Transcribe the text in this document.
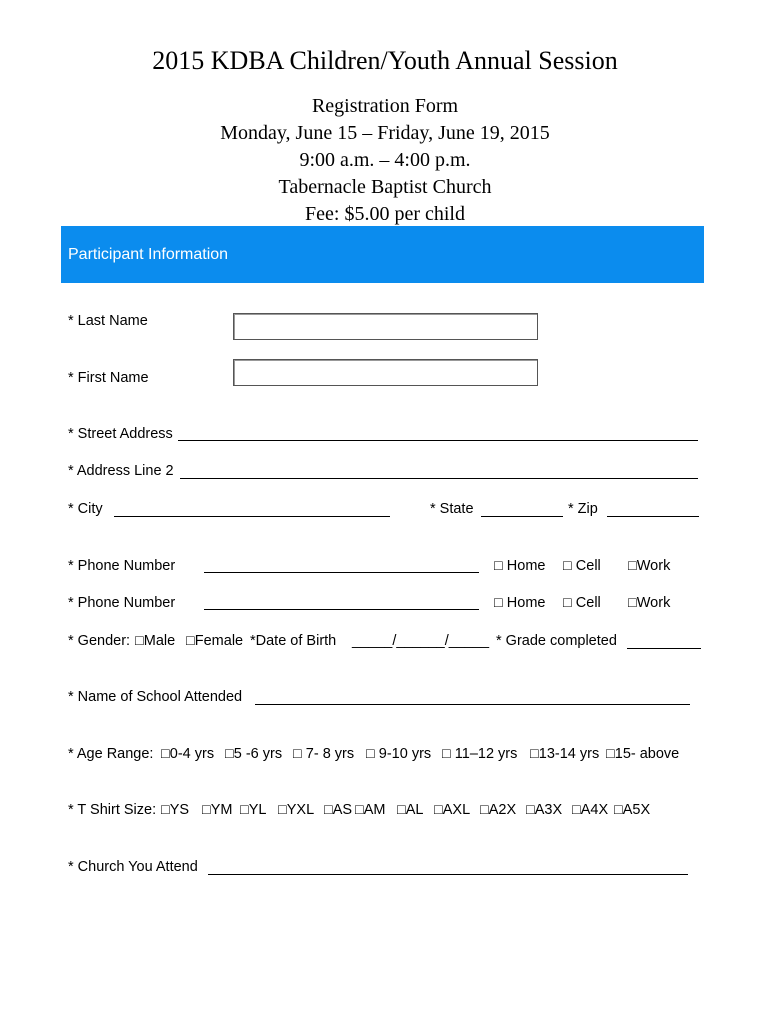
2015 KDBA Children/Youth Annual Session
Registration Form
Monday, June 15 – Friday, June 19, 2015
9:00 a.m. – 4:00 p.m.
Tabernacle Baptist Church
Fee: $5.00 per child
Participant Information
* Last Name
* First Name
* Street Address
* Address Line 2
* City	* State	* Zip
* Phone Number	□ Home □ Cell □Work
* Phone Number	□ Home □ Cell □Work
* Gender: □Male □Female *Date of Birth _____/______/_____ * Grade completed
* Name of School Attended
* Age Range: □0-4 yrs □5 -6 yrs □ 7- 8 yrs □ 9-10 yrs □ 11–12 yrs □13-14 yrs □15- above
* T Shirt Size: □YS □YM □YL □YXL □AS □AM □AL □AXL □A2X □A3X □A4X □A5X
* Church You Attend
